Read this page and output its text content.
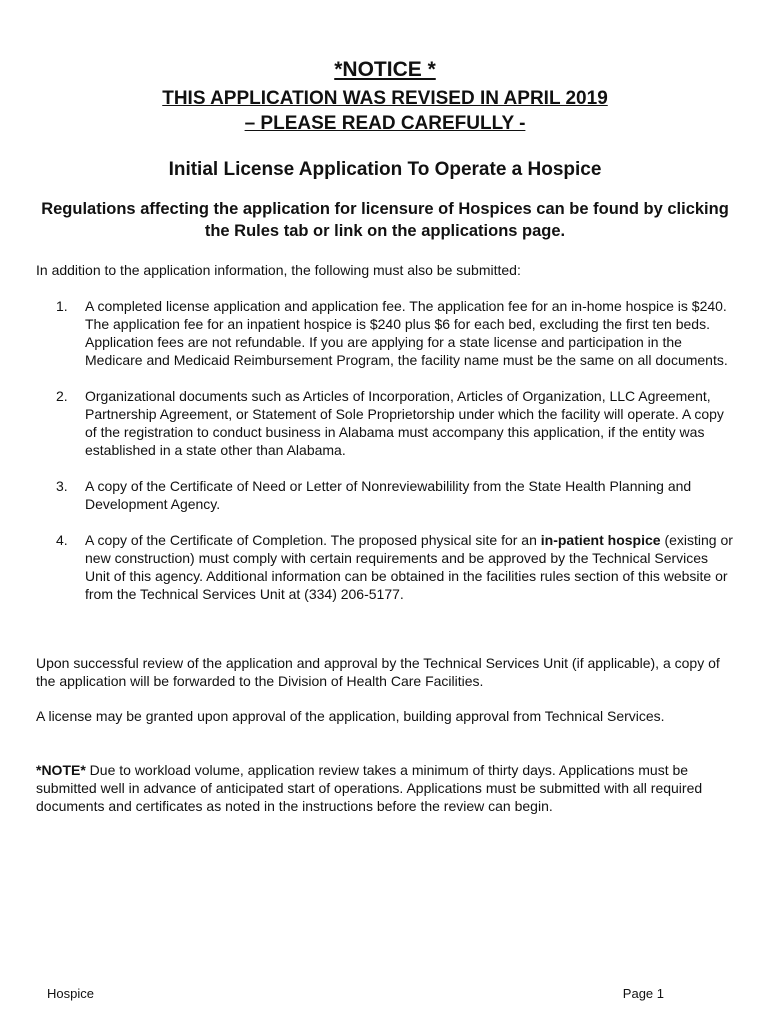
*NOTICE *
THIS APPLICATION WAS REVISED IN APRIL 2019
– PLEASE READ CAREFULLY -
Initial License Application To Operate a Hospice
Regulations affecting the application for licensure of Hospices can be found by clicking the Rules tab or link on the applications page.
In addition to the application information, the following must also be submitted:
1. A completed license application and application fee. The application fee for an in-home hospice is $240. The application fee for an inpatient hospice is $240 plus $6 for each bed, excluding the first ten beds. Application fees are not refundable. If you are applying for a state license and participation in the Medicare and Medicaid Reimbursement Program, the facility name must be the same on all documents.
2. Organizational documents such as Articles of Incorporation, Articles of Organization, LLC Agreement, Partnership Agreement, or Statement of Sole Proprietorship under which the facility will operate. A copy of the registration to conduct business in Alabama must accompany this application, if the entity was established in a state other than Alabama.
3. A copy of the Certificate of Need or Letter of Nonreviewabilility from the State Health Planning and Development Agency.
4. A copy of the Certificate of Completion. The proposed physical site for an in-patient hospice (existing or new construction) must comply with certain requirements and be approved by the Technical Services Unit of this agency. Additional information can be obtained in the facilities rules section of this website or from the Technical Services Unit at (334) 206-5177.
Upon successful review of the application and approval by the Technical Services Unit (if applicable), a copy of the application will be forwarded to the Division of Health Care Facilities.
A license may be granted upon approval of the application, building approval from Technical Services.
*NOTE* Due to workload volume, application review takes a minimum of thirty days. Applications must be submitted well in advance of anticipated start of operations. Applications must be submitted with all required documents and certificates as noted in the instructions before the review can begin.
Hospice	Page 1
